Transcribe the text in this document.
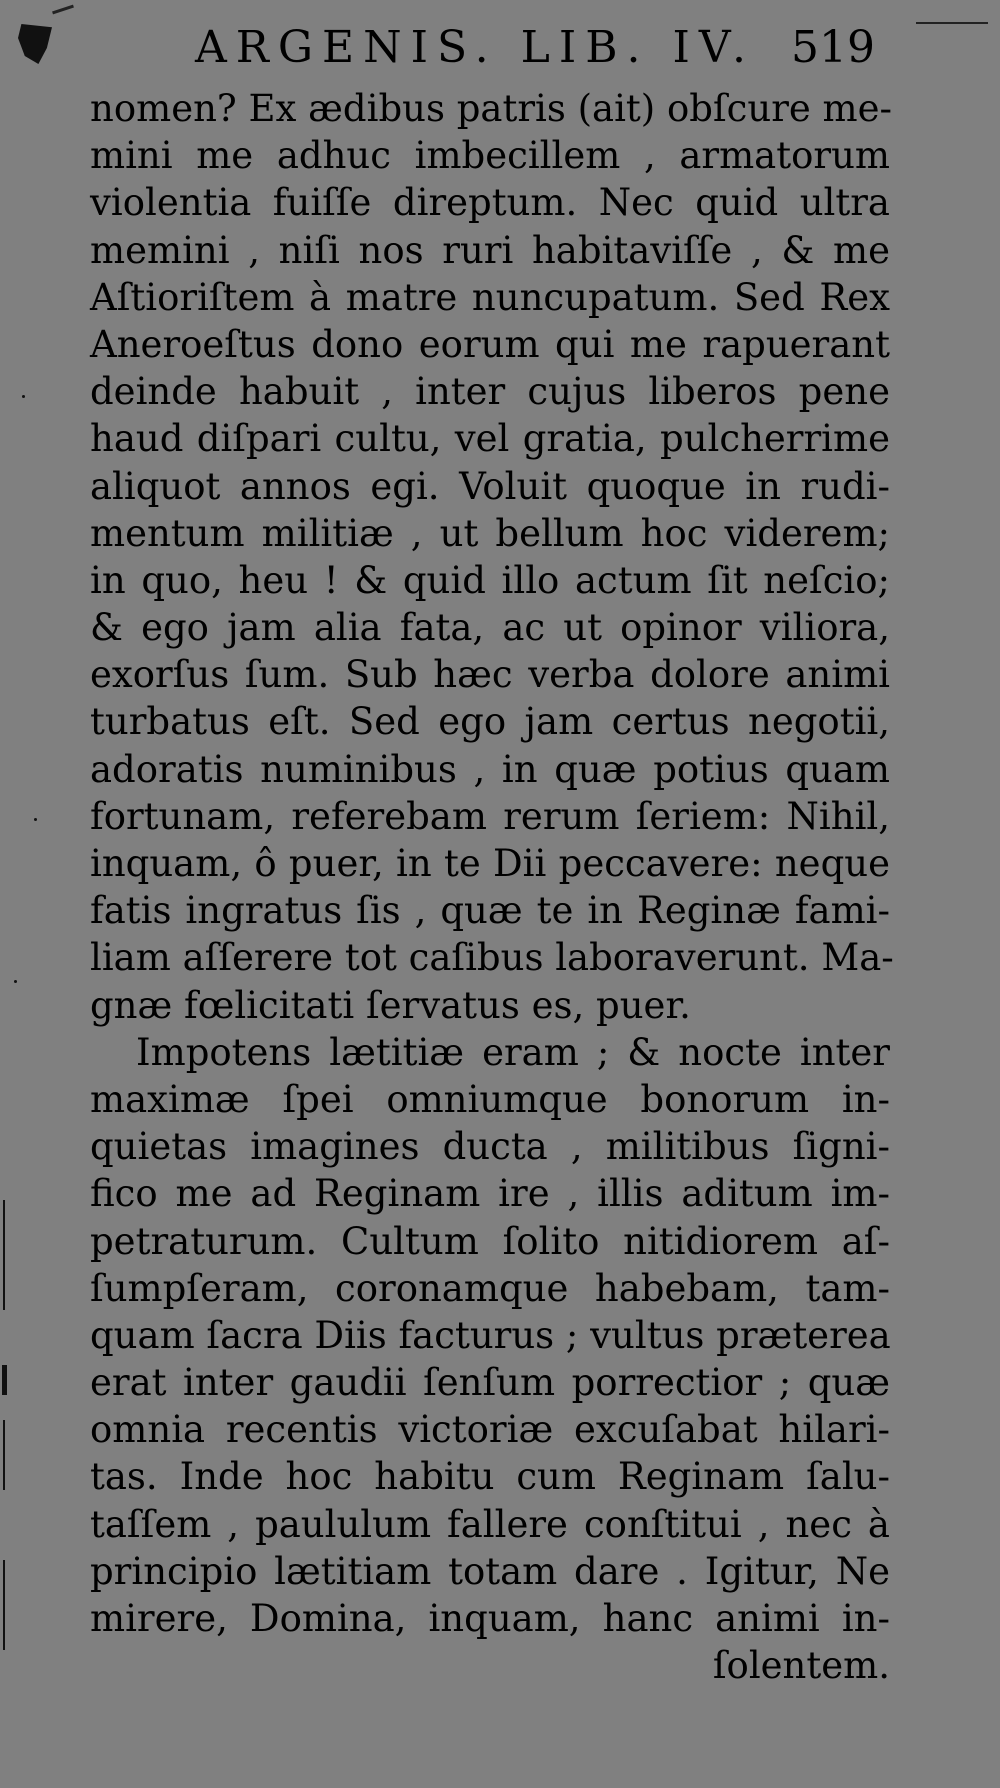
ARGENIS. LIB. IV. 519
nomen? Ex ædibus patris (ait) obſcure me-
mini me adhuc imbecillem , armatorum
violentia fuiſſe direptum. Nec quid ultra
memini , niſi nos ruri habitaviſſe , & me
Aſtioriſtem à matre nuncupatum. Sed Rex
Aneroeſtus dono eorum qui me rapuerant
deinde habuit , inter cujus liberos pene
haud diſpari cultu, vel gratia, pulcherrime
aliquot annos egi. Voluit quoque in rudi-
mentum militiæ , ut bellum hoc viderem;
in quo, heu ! & quid illo actum ſit neſcio;
& ego jam alia fata, ac ut opinor viliora,
exorſus ſum. Sub hæc verba dolore animi
turbatus eſt. Sed ego jam certus negotii,
adoratis numinibus , in quæ potius quam
fortunam, referebam rerum ſeriem: Nihil,
inquam, ô puer, in te Dii peccavere: neque
fatis ingratus ſis , quæ te in Reginæ fami-
liam aſſerere tot caſibus laboraverunt. Ma-
gnæ fœlicitati ſervatus es, puer.
Impotens lætitiæ eram ; & nocte inter
maximæ ſpei omniumque bonorum in-
quietas imagines ducta , militibus ſigni-
fico me ad Reginam ire , illis aditum im-
petraturum. Cultum ſolito nitidiorem aſ-
ſumpſeram, coronamque habebam, tam-
quam ſacra Diis facturus ; vultus præterea
erat inter gaudii ſenſum porrectior ; quæ
omnia recentis victoriæ excuſabat hilari-
tas. Inde hoc habitu cum Reginam ſalu-
taſſem , paululum fallere conſtitui , nec à
principio lætitiam totam dare . Igitur, Ne
mirere, Domina, inquam, hanc animi in-
ſolentem.
